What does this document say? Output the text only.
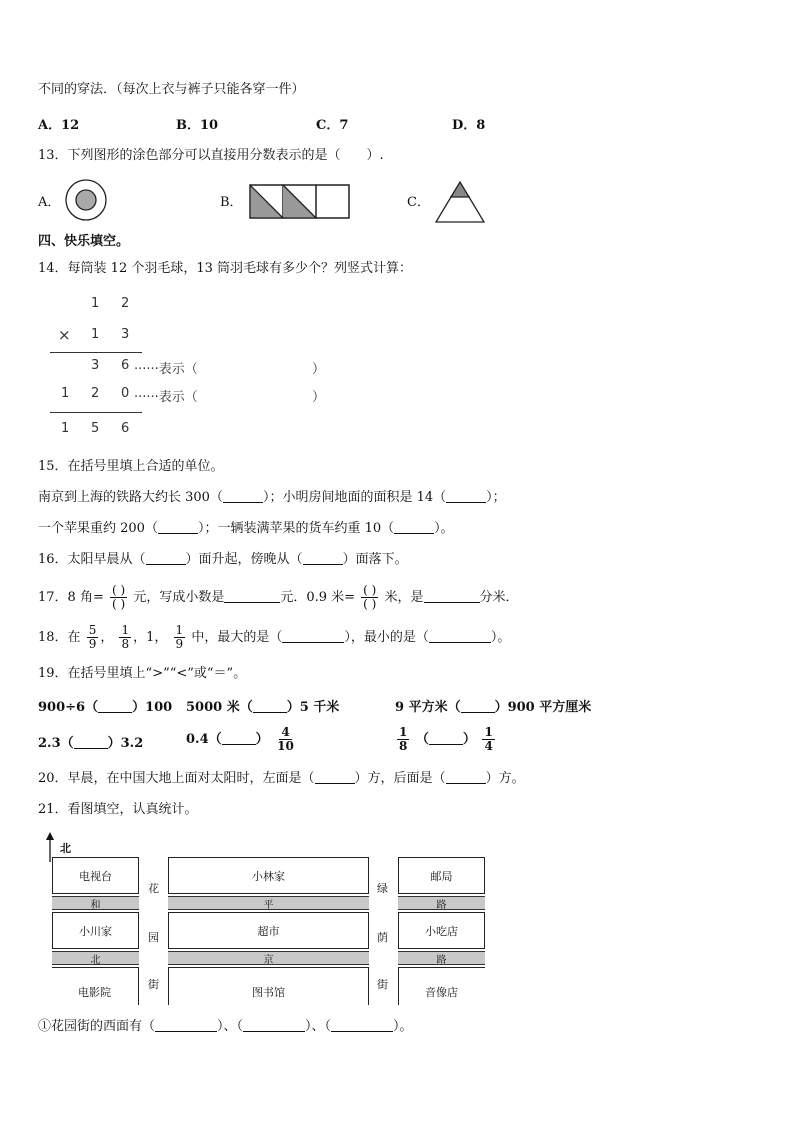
不同的穿法．（每次上衣与裤子只能各穿一件）
A．12	B．10	C．7	D．8
13．下列图形的涂色部分可以直接用分数表示的是（　　）.
A．	B．	C．
四、快乐填空。
14．每筒装 12 个羽毛球，13 筒羽毛球有多少个？列竖式计算：
1 2
× 1 3
3 6 ······表示（	）
1 2 0 ······表示（	）
1 5 6
15．在括号里填上合适的单位。
南京到上海的铁路大约长 300（	）；小明房间地面的面积是 14（	）；
一个苹果重约 200（	）；一辆装满苹果的货车约重 10（	）。
16．太阳早晨从（	）面升起，傍晚从（	）面落下。
17．8 角= $\frac{( )}{( )}$ 元，写成小数是	元．0.9 米= $\frac{( )}{( )}$ 米，是	分米．
18．在 $\frac{5}{9}$ ， $\frac{1}{8}$ ，1， $\frac{1}{9}$ 中，最大的是（	），最小的是（	）。
19．在括号里填上“>”“<”或“＝”。
900÷6（	）100 5000 米（	）5 千米	9 平方米（	）900 平方厘米
2.3（	）3.2	0.4（	） $\frac{4}{10}$	$\frac{1}{8}$ （	） $\frac{1}{4}$
20．早晨，在中国大地上面对太阳时，左面是（	）方，后面是（	）方。
21．看图填空，认真统计。
北
电视台	小林家	邮局
和	平	路
小川家	超市	小吃店
北	京	路
电影院	图书馆	音像店
花
园
街
绿
荫
街
①花园街的西面有（	）、（	）、（	）。
